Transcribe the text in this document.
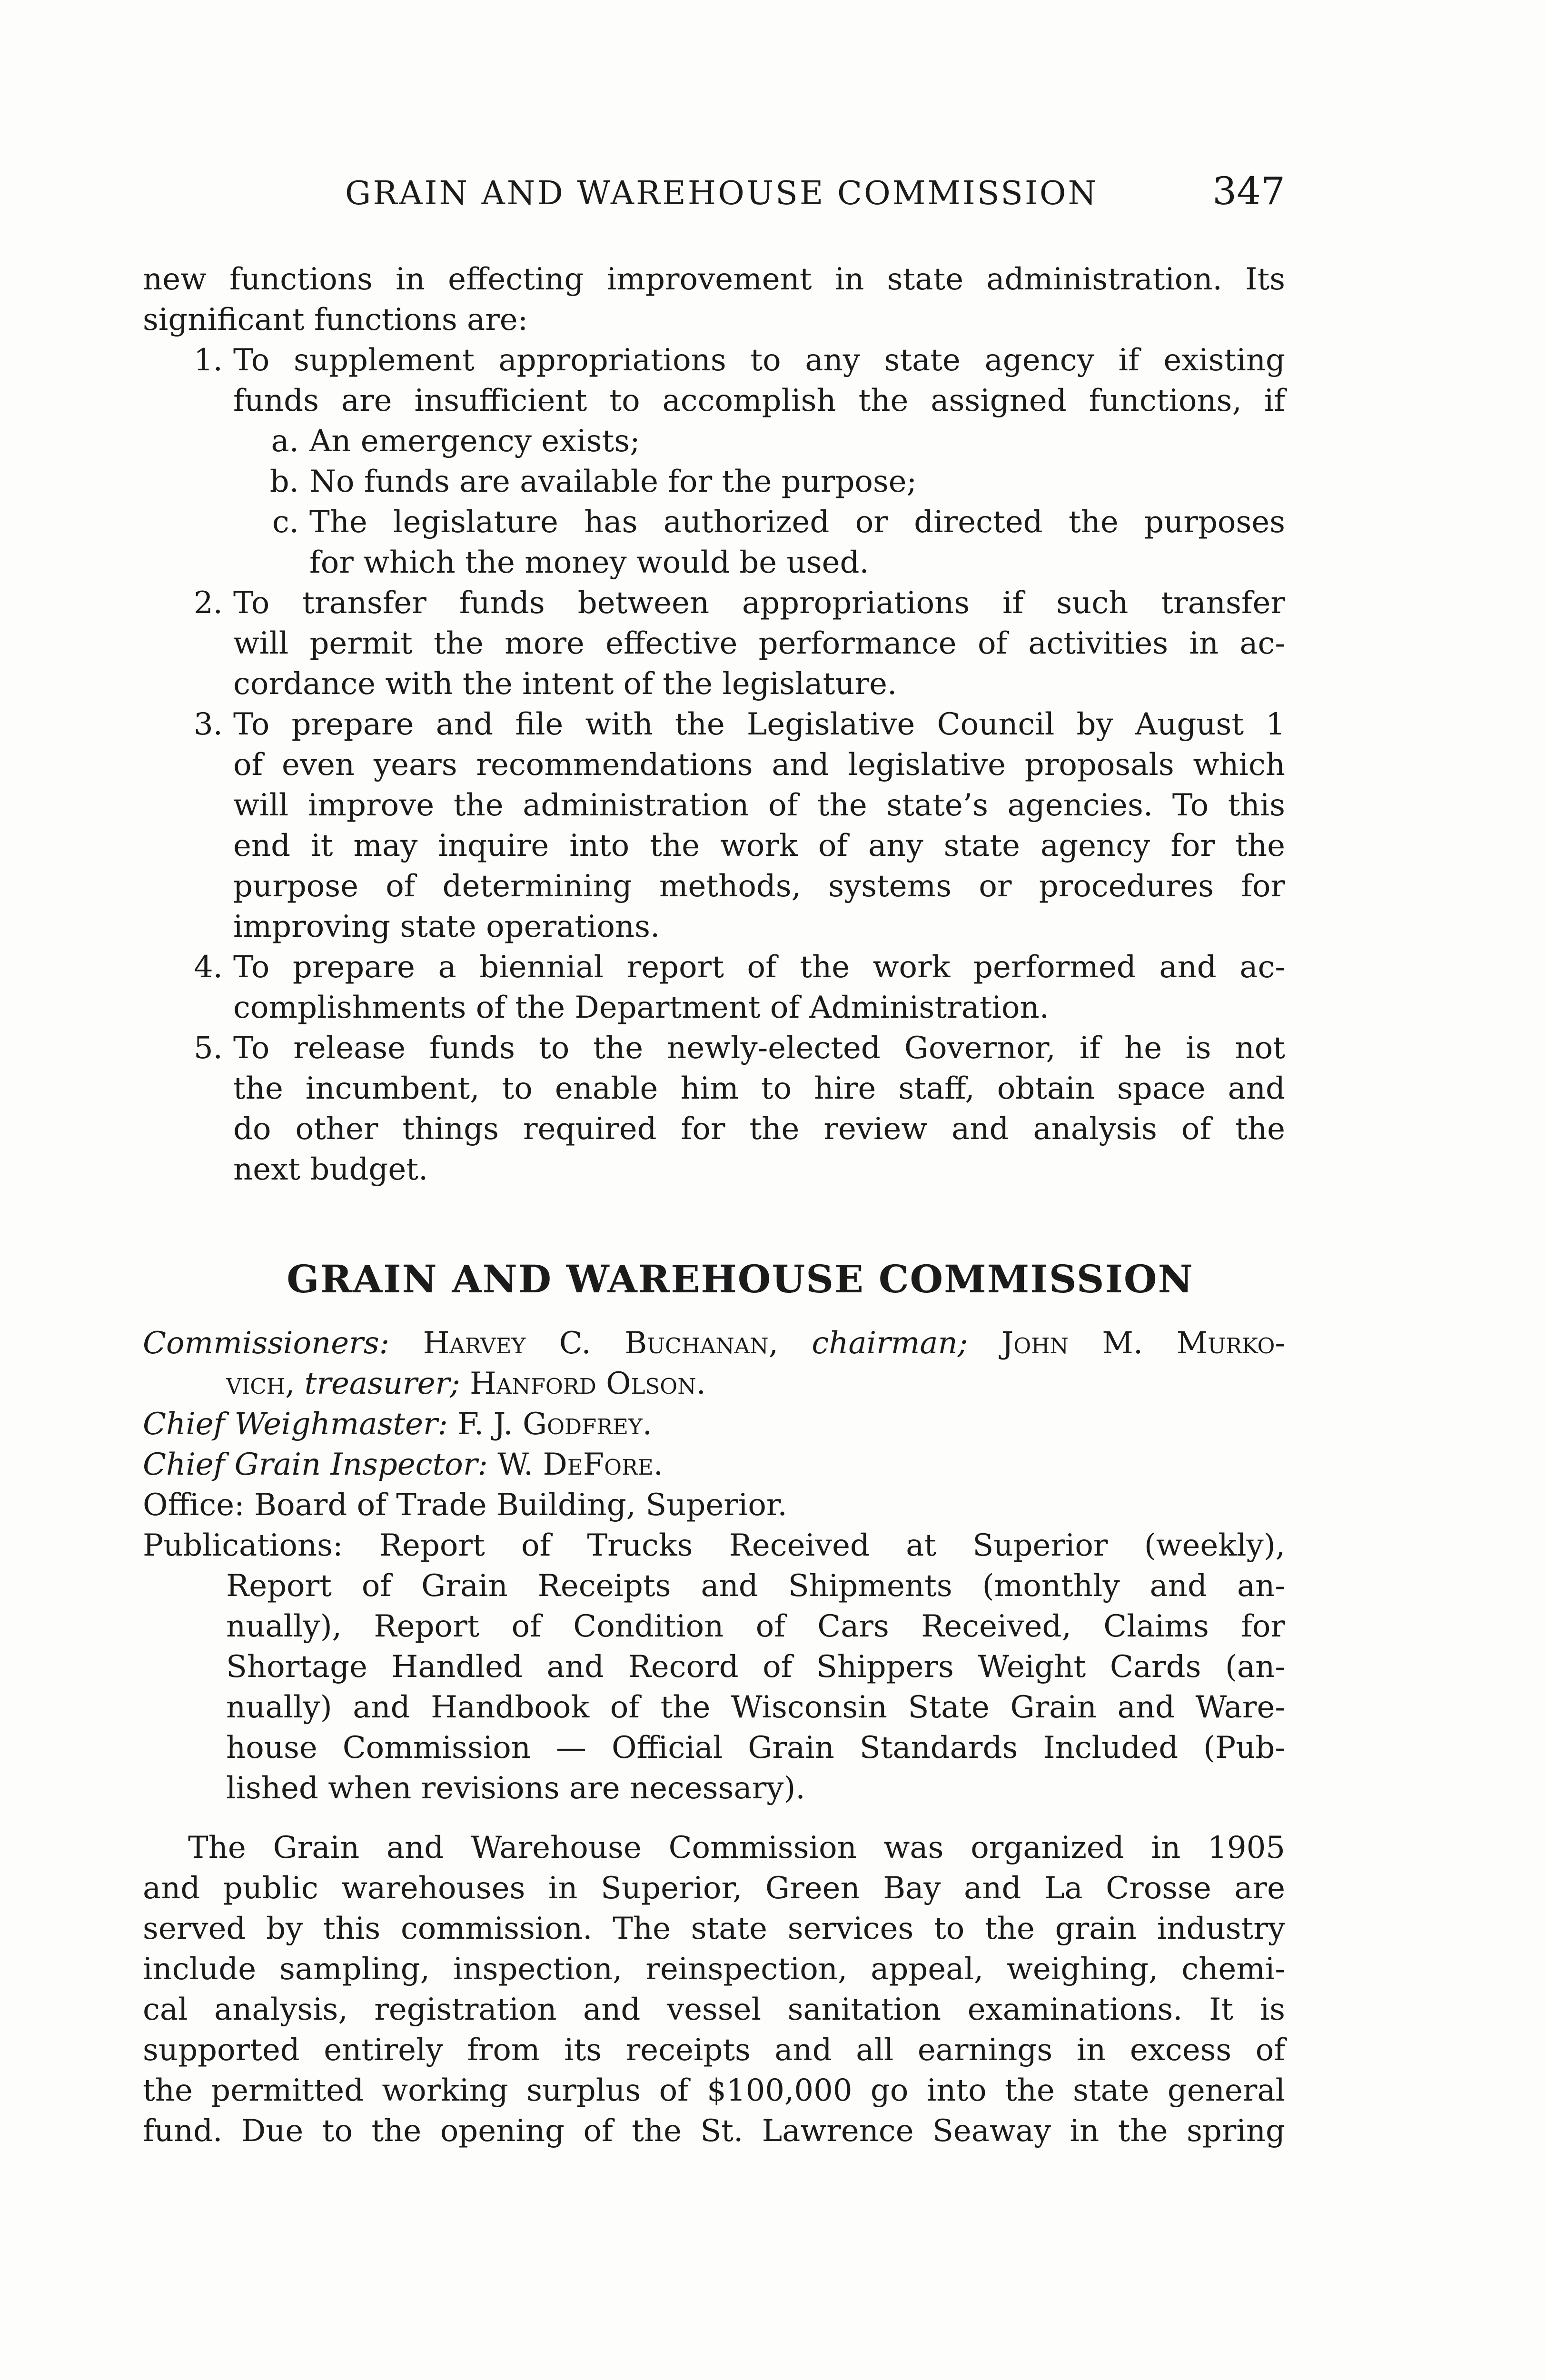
GRAIN AND WAREHOUSE COMMISSION	347
new functions in effecting improvement in state administration. Its
significant functions are:
1. To supplement appropriations to any state agency if existing
funds are insufficient to accomplish the assigned functions, if
a. An emergency exists;
b. No funds are available for the purpose;
c. The legislature has authorized or directed the purposes
for which the money would be used.
2. To transfer funds between appropriations if such transfer
will permit the more effective performance of activities in ac-
cordance with the intent of the legislature.
3. To prepare and file with the Legislative Council by August 1
of even years recommendations and legislative proposals which
will improve the administration of the state’s agencies. To this
end it may inquire into the work of any state agency for the
purpose of determining methods, systems or procedures for
improving state operations.
4. To prepare a biennial report of the work performed and ac-
complishments of the Department of Administration.
5. To release funds to the newly-elected Governor, if he is not
the incumbent, to enable him to hire staff, obtain space and
do other things required for the review and analysis of the
next budget.
GRAIN AND WAREHOUSE COMMISSION
Commissioners: Harvey C. Buchanan, chairman; John M. Murko-
vich, treasurer; Hanford Olson.
Chief Weighmaster: F. J. Godfrey.
Chief Grain Inspector: W. DeFore.
Office: Board of Trade Building, Superior.
Publications: Report of Trucks Received at Superior (weekly),
Report of Grain Receipts and Shipments (monthly and an-
nually), Report of Condition of Cars Received, Claims for
Shortage Handled and Record of Shippers Weight Cards (an-
nually) and Handbook of the Wisconsin State Grain and Ware-
house Commission — Official Grain Standards Included (Pub-
lished when revisions are necessary).
The Grain and Warehouse Commission was organized in 1905
and public warehouses in Superior, Green Bay and La Crosse are
served by this commission. The state services to the grain industry
include sampling, inspection, reinspection, appeal, weighing, chemi-
cal analysis, registration and vessel sanitation examinations. It is
supported entirely from its receipts and all earnings in excess of
the permitted working surplus of $100,000 go into the state general
fund. Due to the opening of the St. Lawrence Seaway in the spring
